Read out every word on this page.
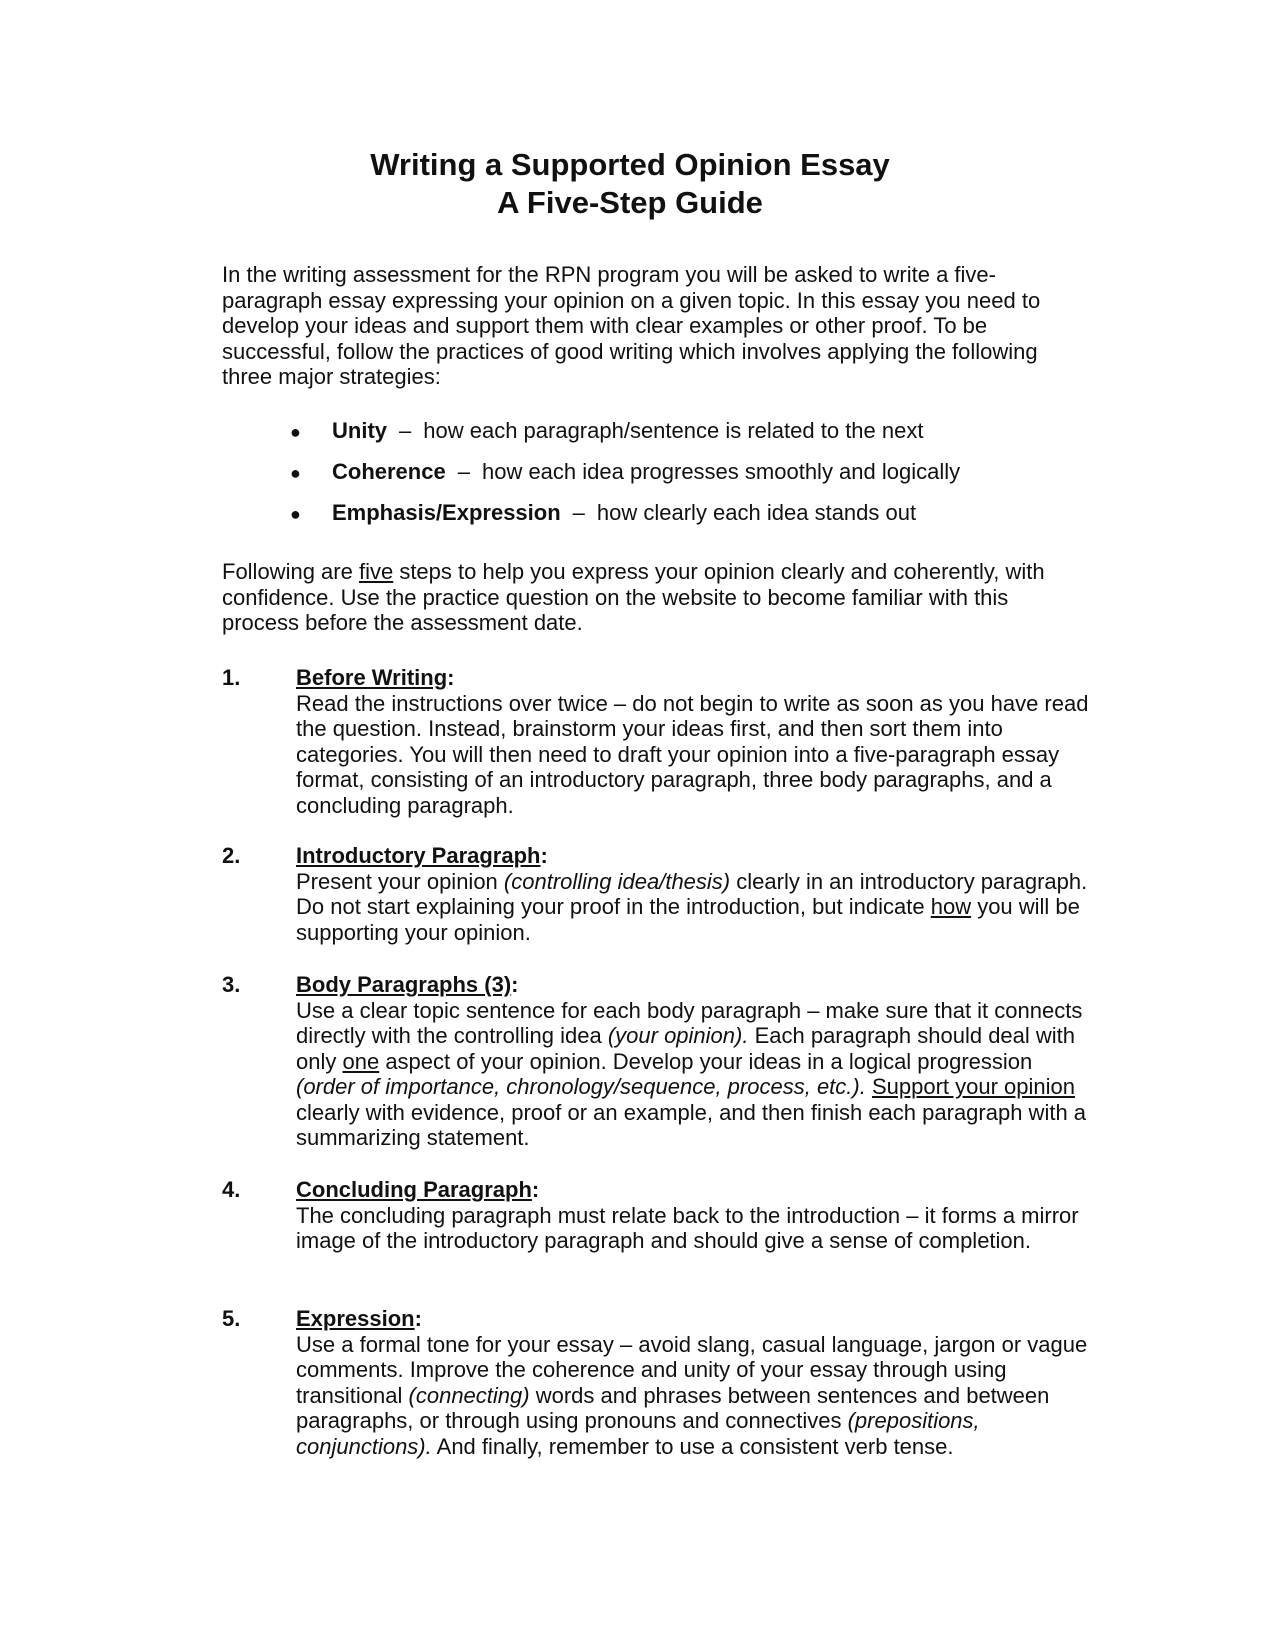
Writing a Supported Opinion Essay

A Five-Step Guide

In the writing assessment for the RPN program you will be asked to write a five-paragraph essay expressing your opinion on a given topic. In this essay you need to develop your ideas and support them with clear examples or other proof. To be successful, follow the practices of good writing which involves applying the following three major strategies:

●	Unity – how each paragraph/sentence is related to the next
●	Coherence – how each idea progresses smoothly and logically
●	Emphasis/Expression – how clearly each idea stands out

Following are five steps to help you express your opinion clearly and coherently, with confidence. Use the practice question on the website to become familiar with this process before the assessment date.

1.	Before Writing:

Read the instructions over twice – do not begin to write as soon as you have read the question. Instead, brainstorm your ideas first, and then sort them into categories. You will then need to draft your opinion into a five-paragraph essay format, consisting of an introductory paragraph, three body paragraphs, and a concluding paragraph.

2.	Introductory Paragraph:

Present your opinion (controlling idea/thesis) clearly in an introductory paragraph. Do not start explaining your proof in the introduction, but indicate how you will be supporting your opinion.

3.	Body Paragraphs (3):

Use a clear topic sentence for each body paragraph – make sure that it connects directly with the controlling idea (your opinion). Each paragraph should deal with only one aspect of your opinion. Develop your ideas in a logical progression (order of importance, chronology/sequence, process, etc.). Support your opinion clearly with evidence, proof or an example, and then finish each paragraph with a summarizing statement.

4.	Concluding Paragraph:

The concluding paragraph must relate back to the introduction – it forms a mirror image of the introductory paragraph and should give a sense of completion.

5.	Expression:

Use a formal tone for your essay – avoid slang, casual language, jargon or vague comments. Improve the coherence and unity of your essay through using transitional (connecting) words and phrases between sentences and between paragraphs, or through using pronouns and connectives (prepositions, conjunctions). And finally, remember to use a consistent verb tense.
